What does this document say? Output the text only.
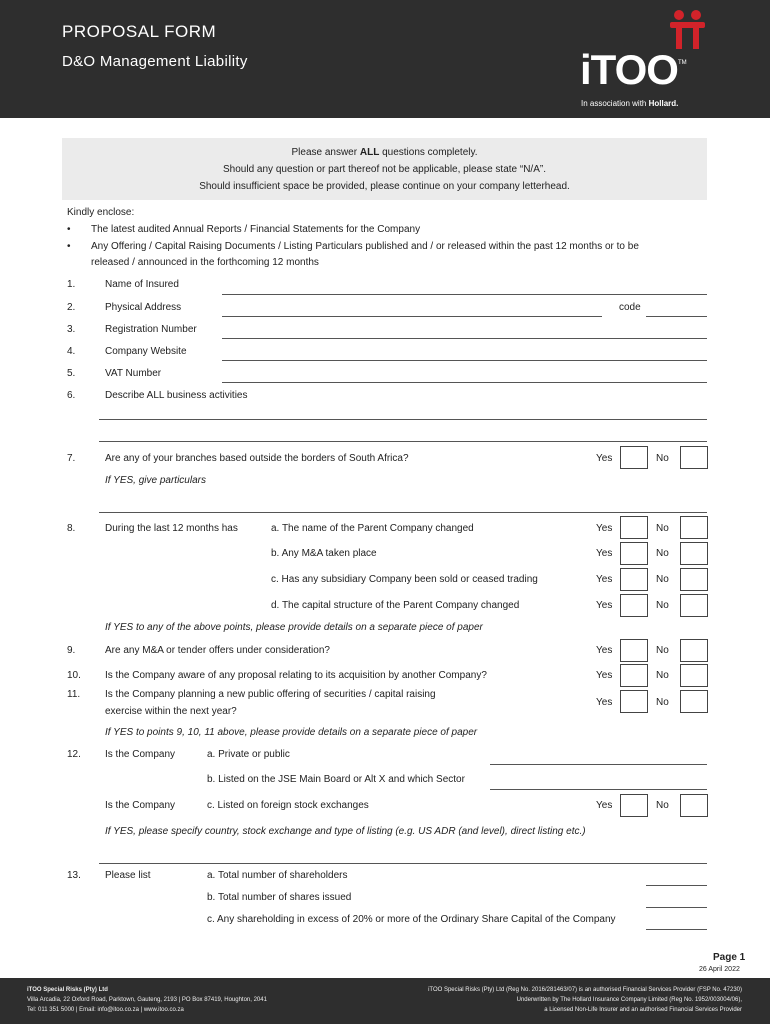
PROPOSAL FORM
D&O Management Liability	iTOO TM
In association with Hollard.
Please answer ALL questions completely.
Should any question or part thereof not be applicable, please state “N/A”.
Should insufficient space be provided, please continue on your company letterhead.
Kindly enclose:
• The latest audited Annual Reports / Financial Statements for the Company
• Any Offering / Capital Raising Documents / Listing Particulars published and / or released within the past 12 months or to be
released / announced in the forthcoming 12 months
1.	Name of Insured
2.	Physical Address	code
3.	Registration Number
4.	Company Website
5.	VAT Number
6.	Describe ALL business activities
7.	Are any of your branches based outside the borders of South Africa?	Yes	No
If YES, give particulars
8.	During the last 12 months has	a. The name of the Parent Company changed	Yes	No
b. Any M&A taken place	Yes	No
c. Has any subsidiary Company been sold or ceased trading	Yes	No
d. The capital structure of the Parent Company changed	Yes	No
If YES to any of the above points, please provide details on a separate piece of paper
9.	Are any M&A or tender offers under consideration?	Yes	No
10. Is the Company aware of any proposal relating to its acquisition by another Company?	Yes	No
11. Is the Company planning a new public offering of securities / capital raising
exercise within the next year?
Yes	No
If YES to points 9, 10, 11 above, please provide details on a separate piece of paper
12. Is the Company	a. Private or public
b. Listed on the JSE Main Board or Alt X and which Sector
Is the Company	c. Listed on foreign stock exchanges	Yes	No
If YES, please specify country, stock exchange and type of listing (e.g. US ADR (and level), direct listing etc.)
13. Please list	a. Total number of shareholders
b. Total number of shares issued
c. Any shareholding in excess of 20% or more of the Ordinary Share Capital of the Company
Page 1
26 April 2022
iTOO Special Risks (Pty) Ltd
Villa Arcadia, 22 Oxford Road, Parktown, Gauteng, 2193 | PO Box 87419, Houghton, 2041
Tel: 011 351 5000 | Email: info@itoo.co.za | www.itoo.co.za
iTOO Special Risks (Pty) Ltd (Reg No. 2016/281463/07) is an authorised Financial Services Provider (FSP No. 47230)
Underwritten by The Hollard Insurance Company Limited (Reg No. 1952/003004/06),
a Licensed Non-Life Insurer and an authorised Financial Services Provider
